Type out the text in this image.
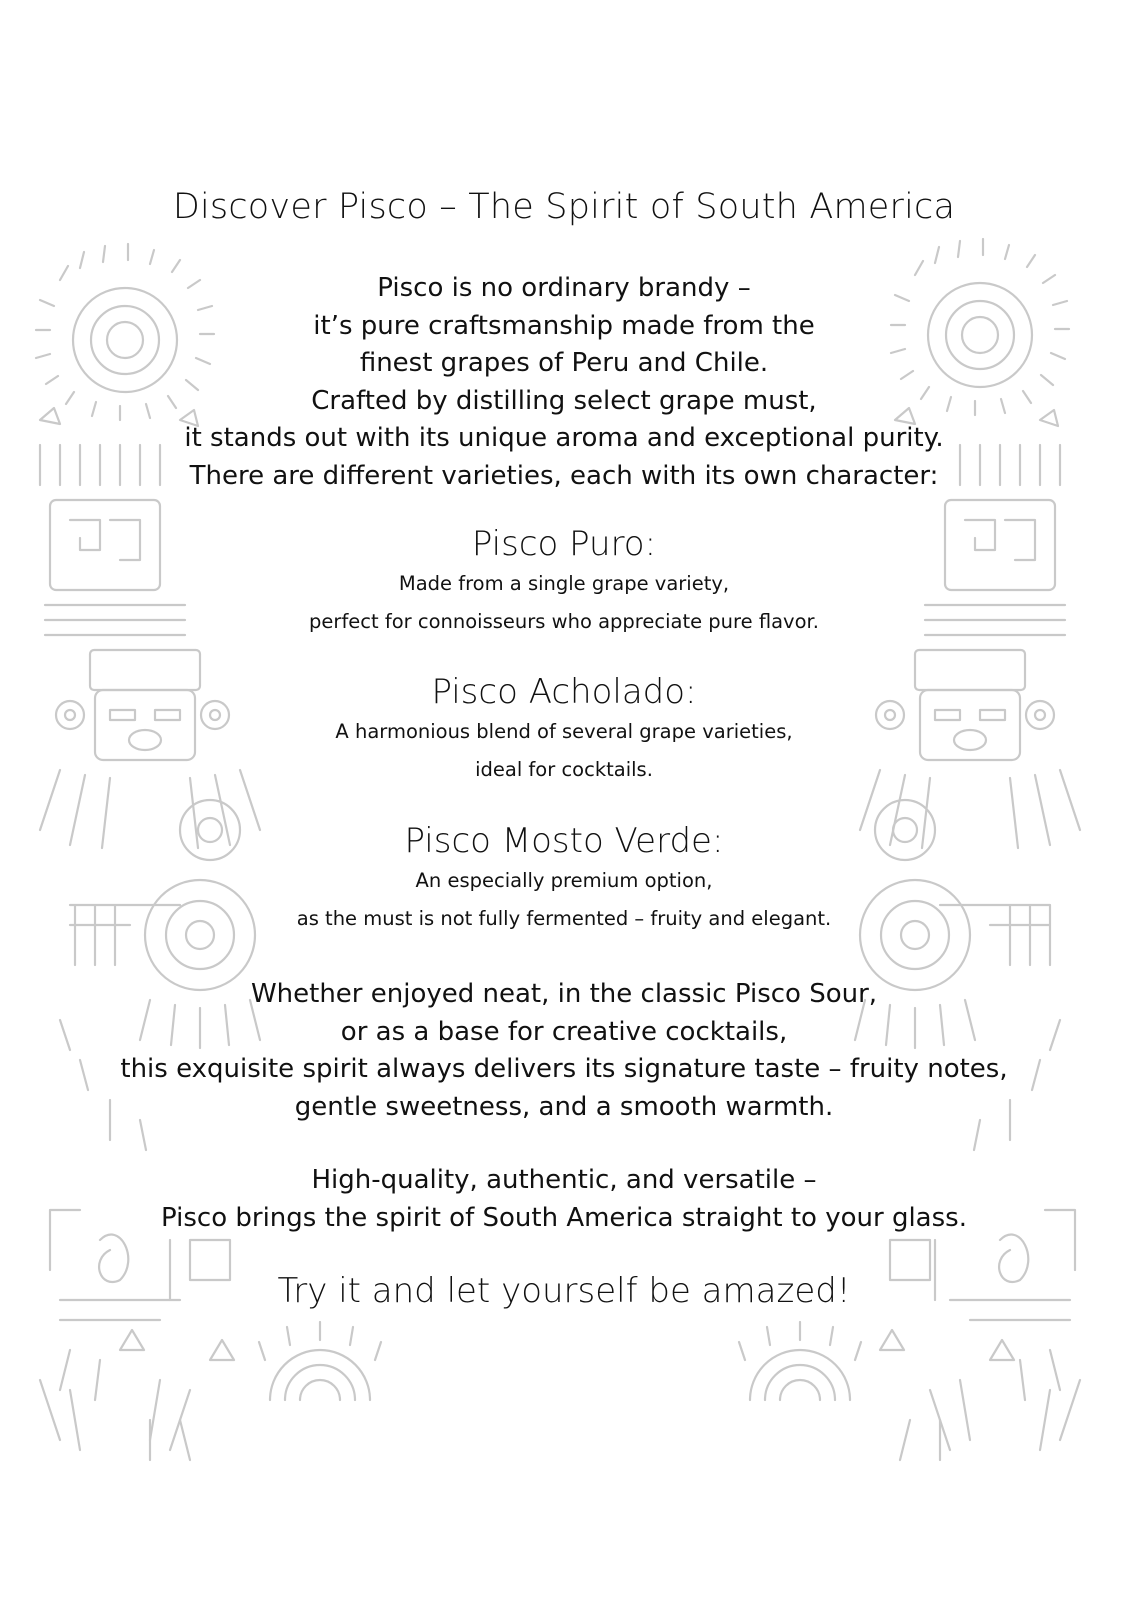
Discover Pisco – The Spirit of South America

Pisco is no ordinary brandy –
it’s pure craftsmanship made from the
finest grapes of Peru and Chile.
Crafted by distilling select grape must,
it stands out with its unique aroma and exceptional purity.
There are different varieties, each with its own character:

Pisco Puro:
Made from a single grape variety,
perfect for connoisseurs who appreciate pure flavor.
Pisco Acholado:
A harmonious blend of several grape varieties,
ideal for cocktails.
Pisco Mosto Verde:
An especially premium option,
as the must is not fully fermented – fruity and elegant.

Whether enjoyed neat, in the classic Pisco Sour,
or as a base for creative cocktails,
this exquisite spirit always delivers its signature taste – fruity notes,
gentle sweetness, and a smooth warmth.

High-quality, authentic, and versatile –
Pisco brings the spirit of South America straight to your glass.

Try it and let yourself be amazed!
